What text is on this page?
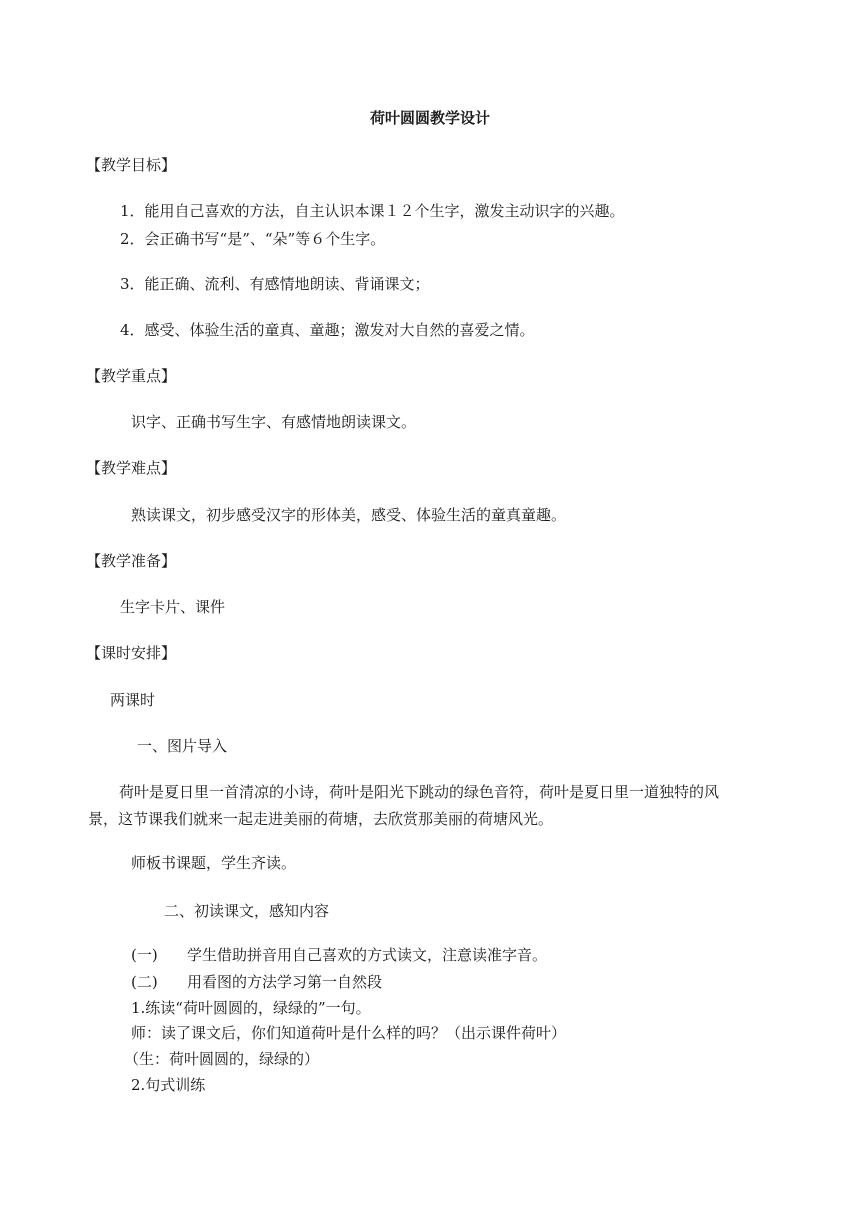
荷叶圆圆教学设计
【教学目标】
1．能用自己喜欢的方法，自主认识本课１２个生字，激发主动识字的兴趣。
2．会正确书写“是”、“朵”等６个生字。
3．能正确、流利、有感情地朗读、背诵课文；
4．感受、体验生活的童真、童趣；激发对大自然的喜爱之情。
【教学重点】
识字、正确书写生字、有感情地朗读课文。
【教学难点】
熟读课文，初步感受汉字的形体美，感受、体验生活的童真童趣。
【教学准备】
生字卡片、课件
【课时安排】
两课时
一、图片导入
荷叶是夏日里一首清凉的小诗，荷叶是阳光下跳动的绿色音符，荷叶是夏日里一道独特的风景，这节课我们就来一起走进美丽的荷塘，去欣赏那美丽的荷塘风光。
师板书课题，学生齐读。
二、初读课文，感知内容
(一) 学生借助拼音用自己喜欢的方式读文，注意读准字音。
(二) 用看图的方法学习第一自然段
1.练读“荷叶圆圆的，绿绿的”一句。
师：读了课文后，你们知道荷叶是什么样的吗？（出示课件荷叶）
（生：荷叶圆圆的，绿绿的）
2.句式训练
